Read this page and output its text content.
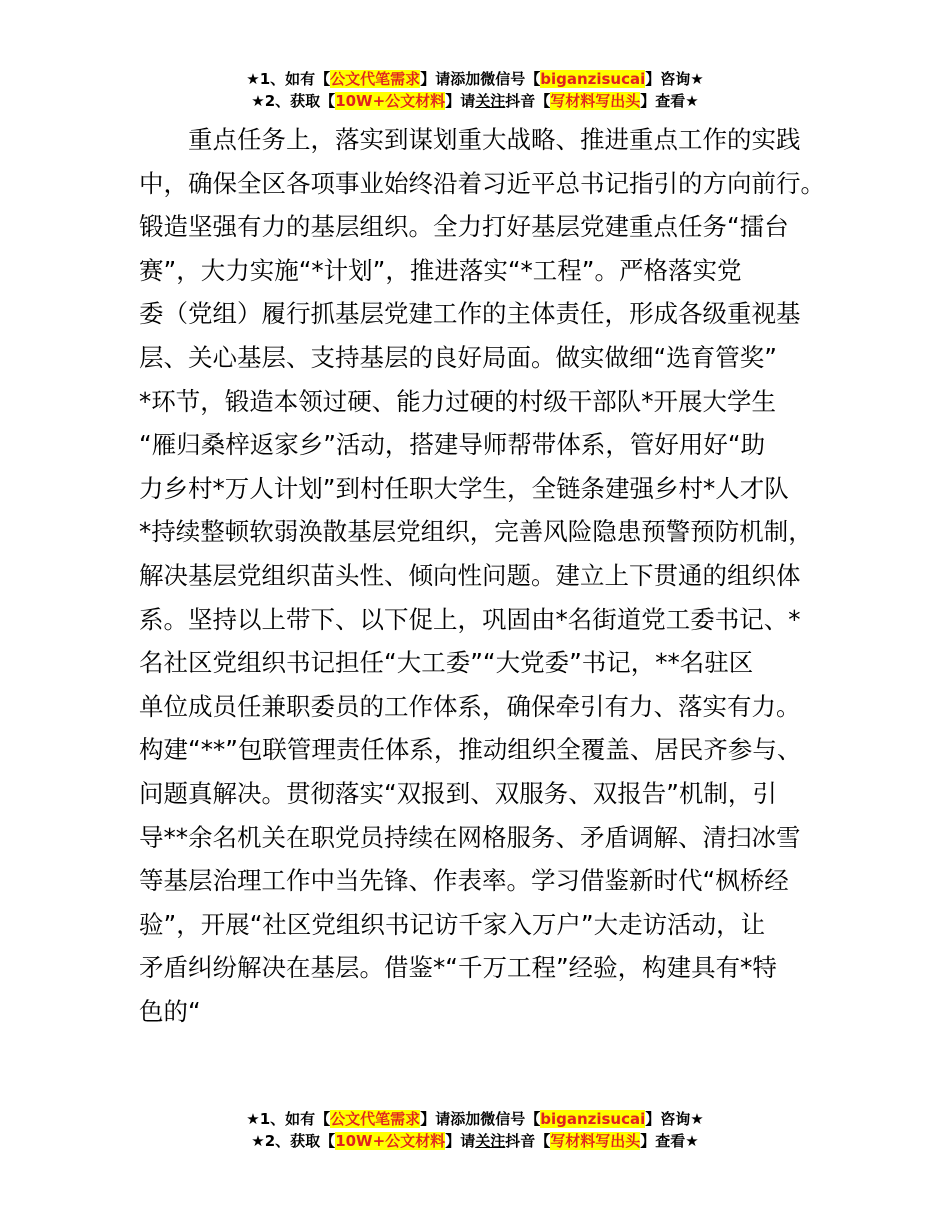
★1、如有【公文代笔需求】请添加微信号【biganzisucai】咨询★
★2、获取【10W+公文材料】请关注抖音【写材料写出头】查看★

　　重点任务上，落实到谋划重大战略、推进重点工作的实践

中，确保全区各项事业始终沿着习近平总书记指引的方向前行。

锻造坚强有力的基层组织。全力打好基层党建重点任务“擂台

赛”，大力实施“*计划”，推进落实“*工程”。严格落实党

委（党组）履行抓基层党建工作的主体责任，形成各级重视基

层、关心基层、支持基层的良好局面。做实做细“选育管奖”

*环节，锻造本领过硬、能力过硬的村级干部队*开展大学生

“雁归桑梓返家乡”活动，搭建导师帮带体系，管好用好“助

力乡村*万人计划”到村任职大学生，全链条建强乡村*人才队

*持续整顿软弱涣散基层党组织，完善风险隐患预警预防机制，

解决基层党组织苗头性、倾向性问题。建立上下贯通的组织体

系。坚持以上带下、以下促上，巩固由*名街道党工委书记、*

名社区党组织书记担任“大工委”“大党委”书记，**名驻区

单位成员任兼职委员的工作体系，确保牵引有力、落实有力。

构建“**”包联管理责任体系，推动组织全覆盖、居民齐参与、

问题真解决。贯彻落实“双报到、双服务、双报告”机制，引

导**余名机关在职党员持续在网格服务、矛盾调解、清扫冰雪

等基层治理工作中当先锋、作表率。学习借鉴新时代“枫桥经

验”，开展“社区党组织书记访千家入万户”大走访活动，让

矛盾纠纷解决在基层。借鉴*“千万工程”经验，构建具有*特

色的“

★1、如有【公文代笔需求】请添加微信号【biganzisucai】咨询★
★2、获取【10W+公文材料】请关注抖音【写材料写出头】查看★
